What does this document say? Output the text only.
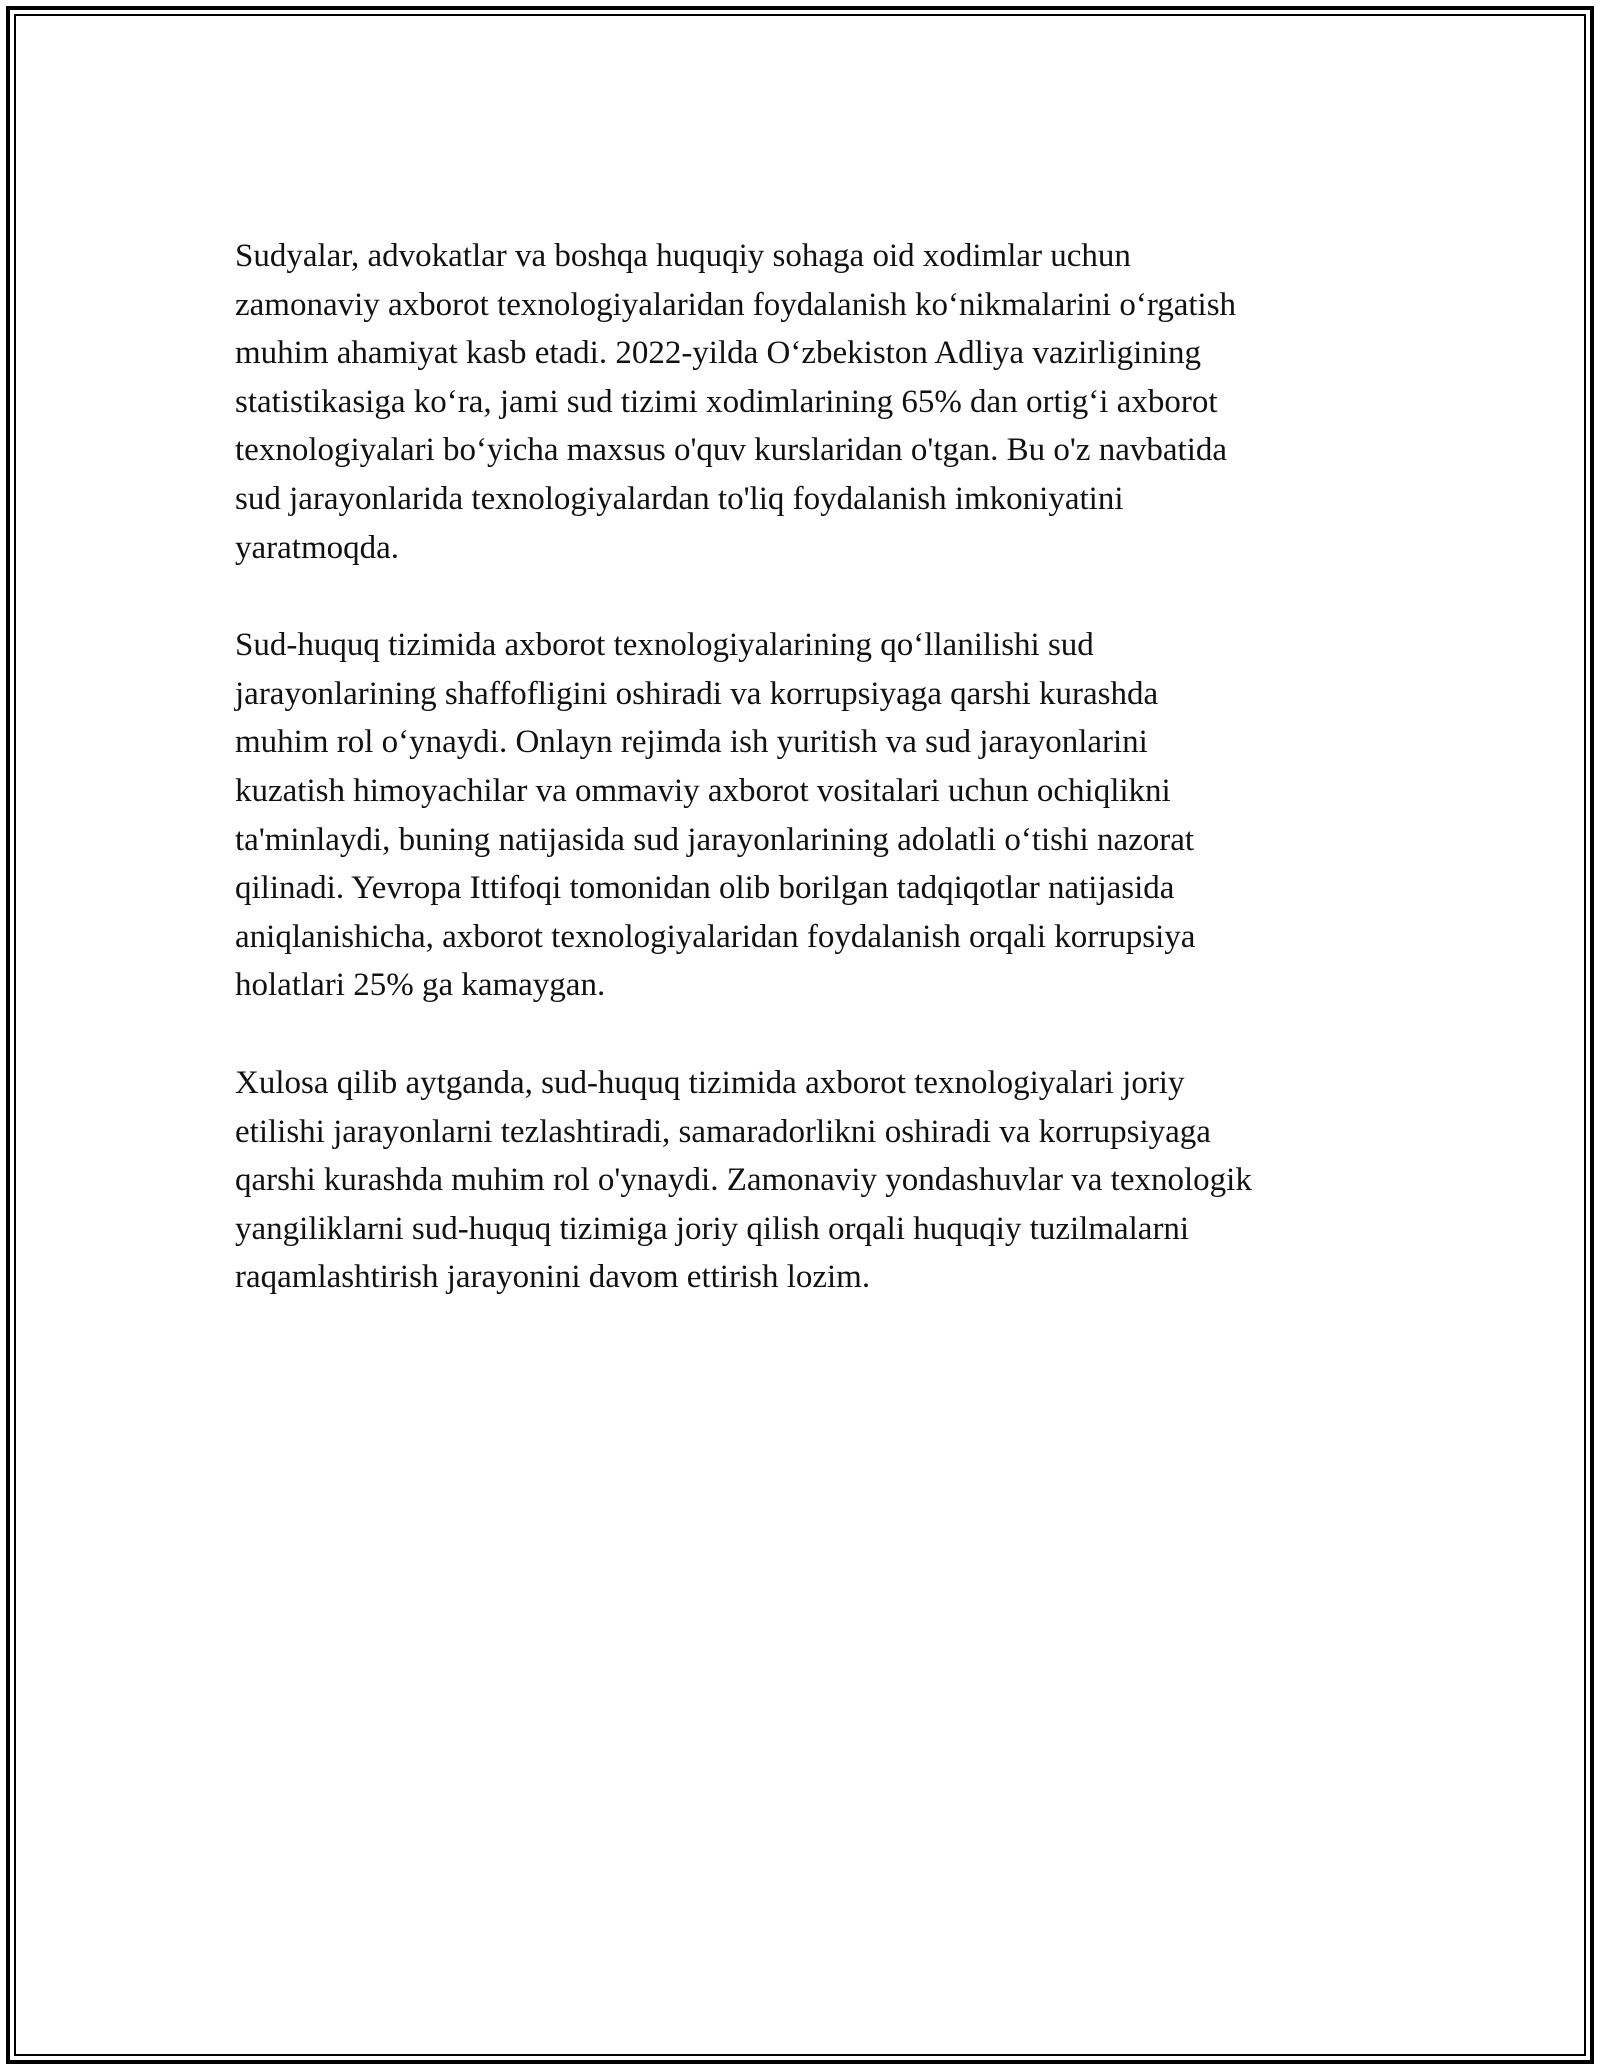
Sudyalar, advokatlar va boshqa huquqiy sohaga oid xodimlar uchun
zamonaviy axborot texnologiyalaridan foydalanish ko‘nikmalarini o‘rgatish
muhim ahamiyat kasb etadi. 2022-yilda O‘zbekiston Adliya vazirligining
statistikasiga ko‘ra, jami sud tizimi xodimlarining 65% dan ortig‘i axborot
texnologiyalari bo‘yicha maxsus o'quv kurslaridan o'tgan. Bu o'z navbatida
sud jarayonlarida texnologiyalardan to'liq foydalanish imkoniyatini
yaratmoqda.

Sud-huquq tizimida axborot texnologiyalarining qo‘llanilishi sud
jarayonlarining shaffofligini oshiradi va korrupsiyaga qarshi kurashda
muhim rol o‘ynaydi. Onlayn rejimda ish yuritish va sud jarayonlarini
kuzatish himoyachilar va ommaviy axborot vositalari uchun ochiqlikni
ta'minlaydi, buning natijasida sud jarayonlarining adolatli o‘tishi nazorat
qilinadi. Yevropa Ittifoqi tomonidan olib borilgan tadqiqotlar natijasida
aniqlanishicha, axborot texnologiyalaridan foydalanish orqali korrupsiya
holatlari 25% ga kamaygan.

Xulosa qilib aytganda, sud-huquq tizimida axborot texnologiyalari joriy
etilishi jarayonlarni tezlashtiradi, samaradorlikni oshiradi va korrupsiyaga
qarshi kurashda muhim rol o'ynaydi. Zamonaviy yondashuvlar va texnologik
yangiliklarni sud-huquq tizimiga joriy qilish orqali huquqiy tuzilmalarni
raqamlashtirish jarayonini davom ettirish lozim.
